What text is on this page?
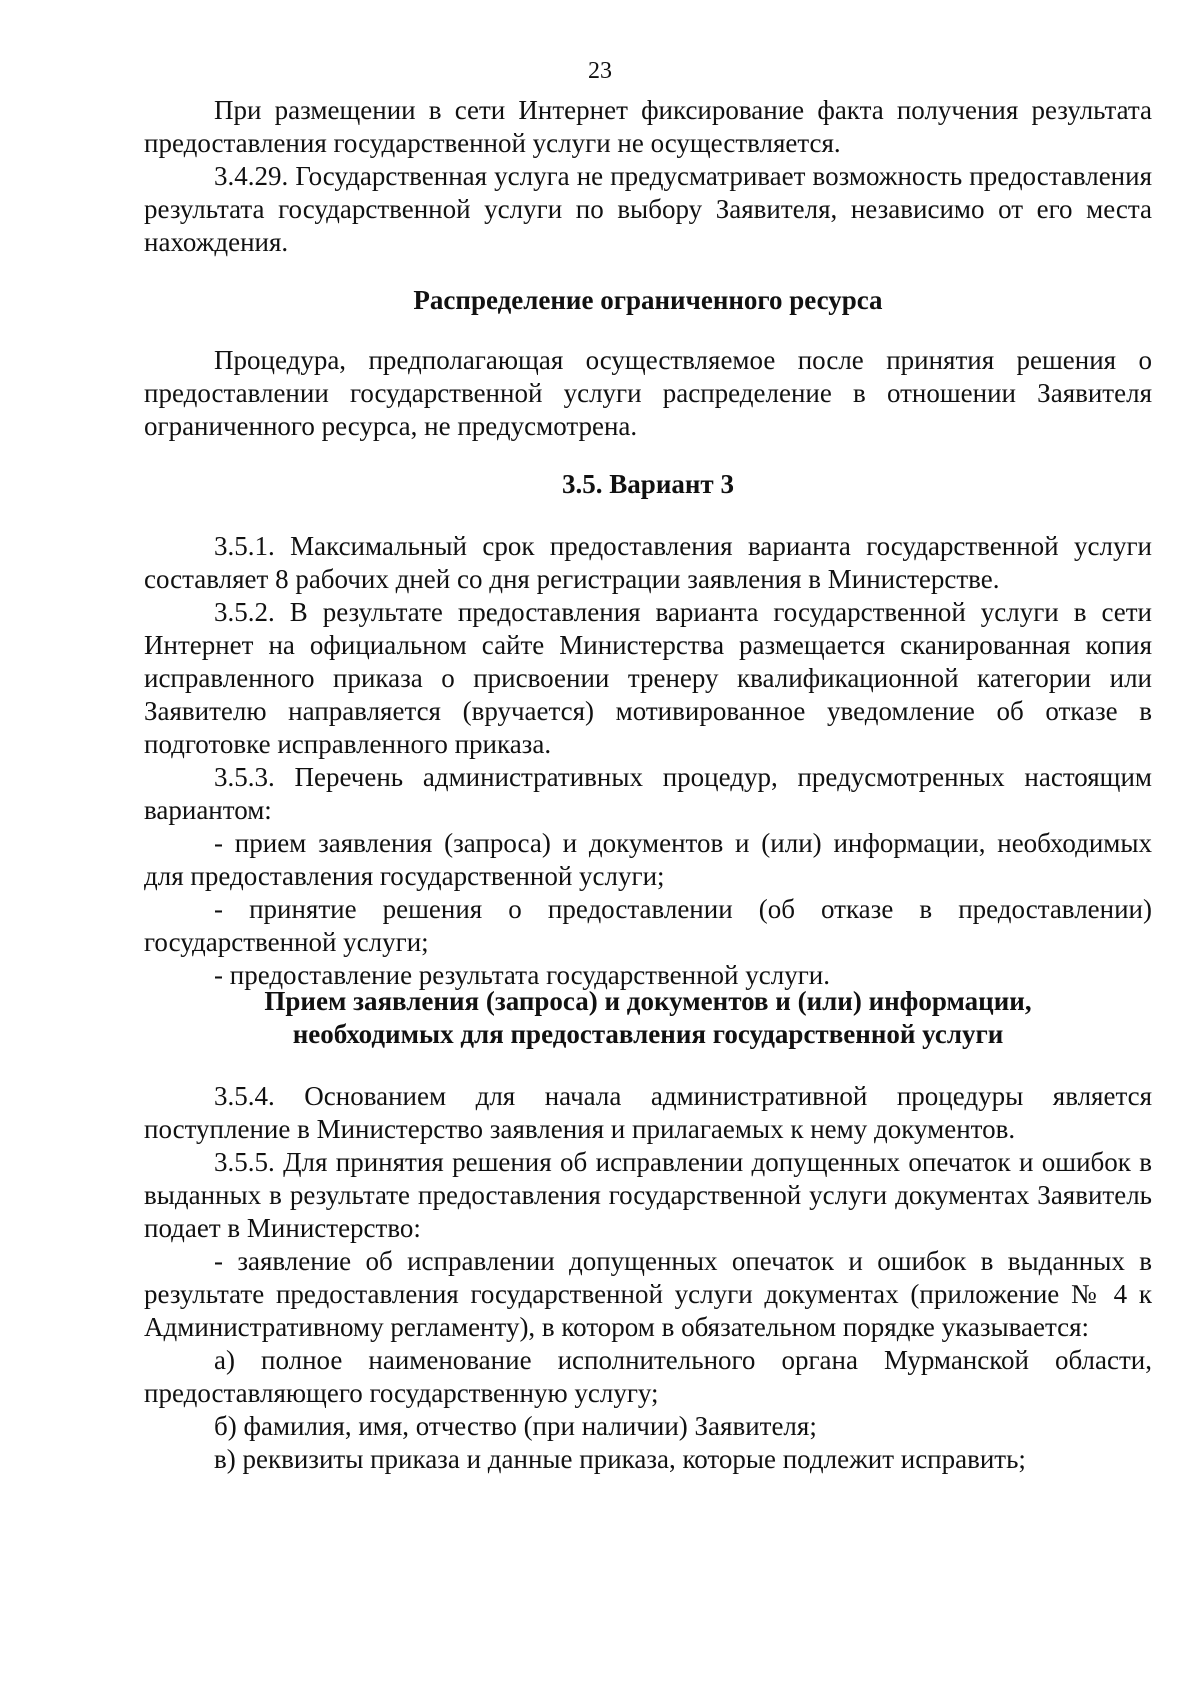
23

При размещении в сети Интернет фиксирование факта получения результата предоставления государственной услуги не осуществляется.

3.4.29. Государственная услуга не предусматривает возможность предоставления результата государственной услуги по выбору Заявителя, независимо от его места нахождения.

Распределение ограниченного ресурса

Процедура, предполагающая осуществляемое после принятия решения о предоставлении государственной услуги распределение в отношении Заявителя ограниченного ресурса, не предусмотрена.

3.5. Вариант 3

3.5.1. Максимальный срок предоставления варианта государственной услуги составляет 8 рабочих дней со дня регистрации заявления в Министерстве.

3.5.2. В результате предоставления варианта государственной услуги в сети Интернет на официальном сайте Министерства размещается сканированная копия исправленного приказа о присвоении тренеру квалификационной категории или Заявителю направляется (вручается) мотивированное уведомление об отказе в подготовке исправленного приказа.

3.5.3. Перечень административных процедур, предусмотренных настоящим вариантом:

- прием заявления (запроса) и документов и (или) информации, необходимых для предоставления государственной услуги;

- принятие решения о предоставлении (об отказе в предоставлении) государственной услуги;

- предоставление результата государственной услуги.

Прием заявления (запроса) и документов и (или) информации,
необходимых для предоставления государственной услуги

3.5.4. Основанием для начала административной процедуры является поступление в Министерство заявления и прилагаемых к нему документов.

3.5.5. Для принятия решения об исправлении допущенных опечаток и ошибок в выданных в результате предоставления государственной услуги документах Заявитель подает в Министерство:

- заявление об исправлении допущенных опечаток и ошибок в выданных в результате предоставления государственной услуги документах (приложение № 4 к Административному регламенту), в котором в обязательном порядке указывается:

а) полное наименование исполнительного органа Мурманской области, предоставляющего государственную услугу;

б) фамилия, имя, отчество (при наличии) Заявителя;

в) реквизиты приказа и данные приказа, которые подлежит исправить;
